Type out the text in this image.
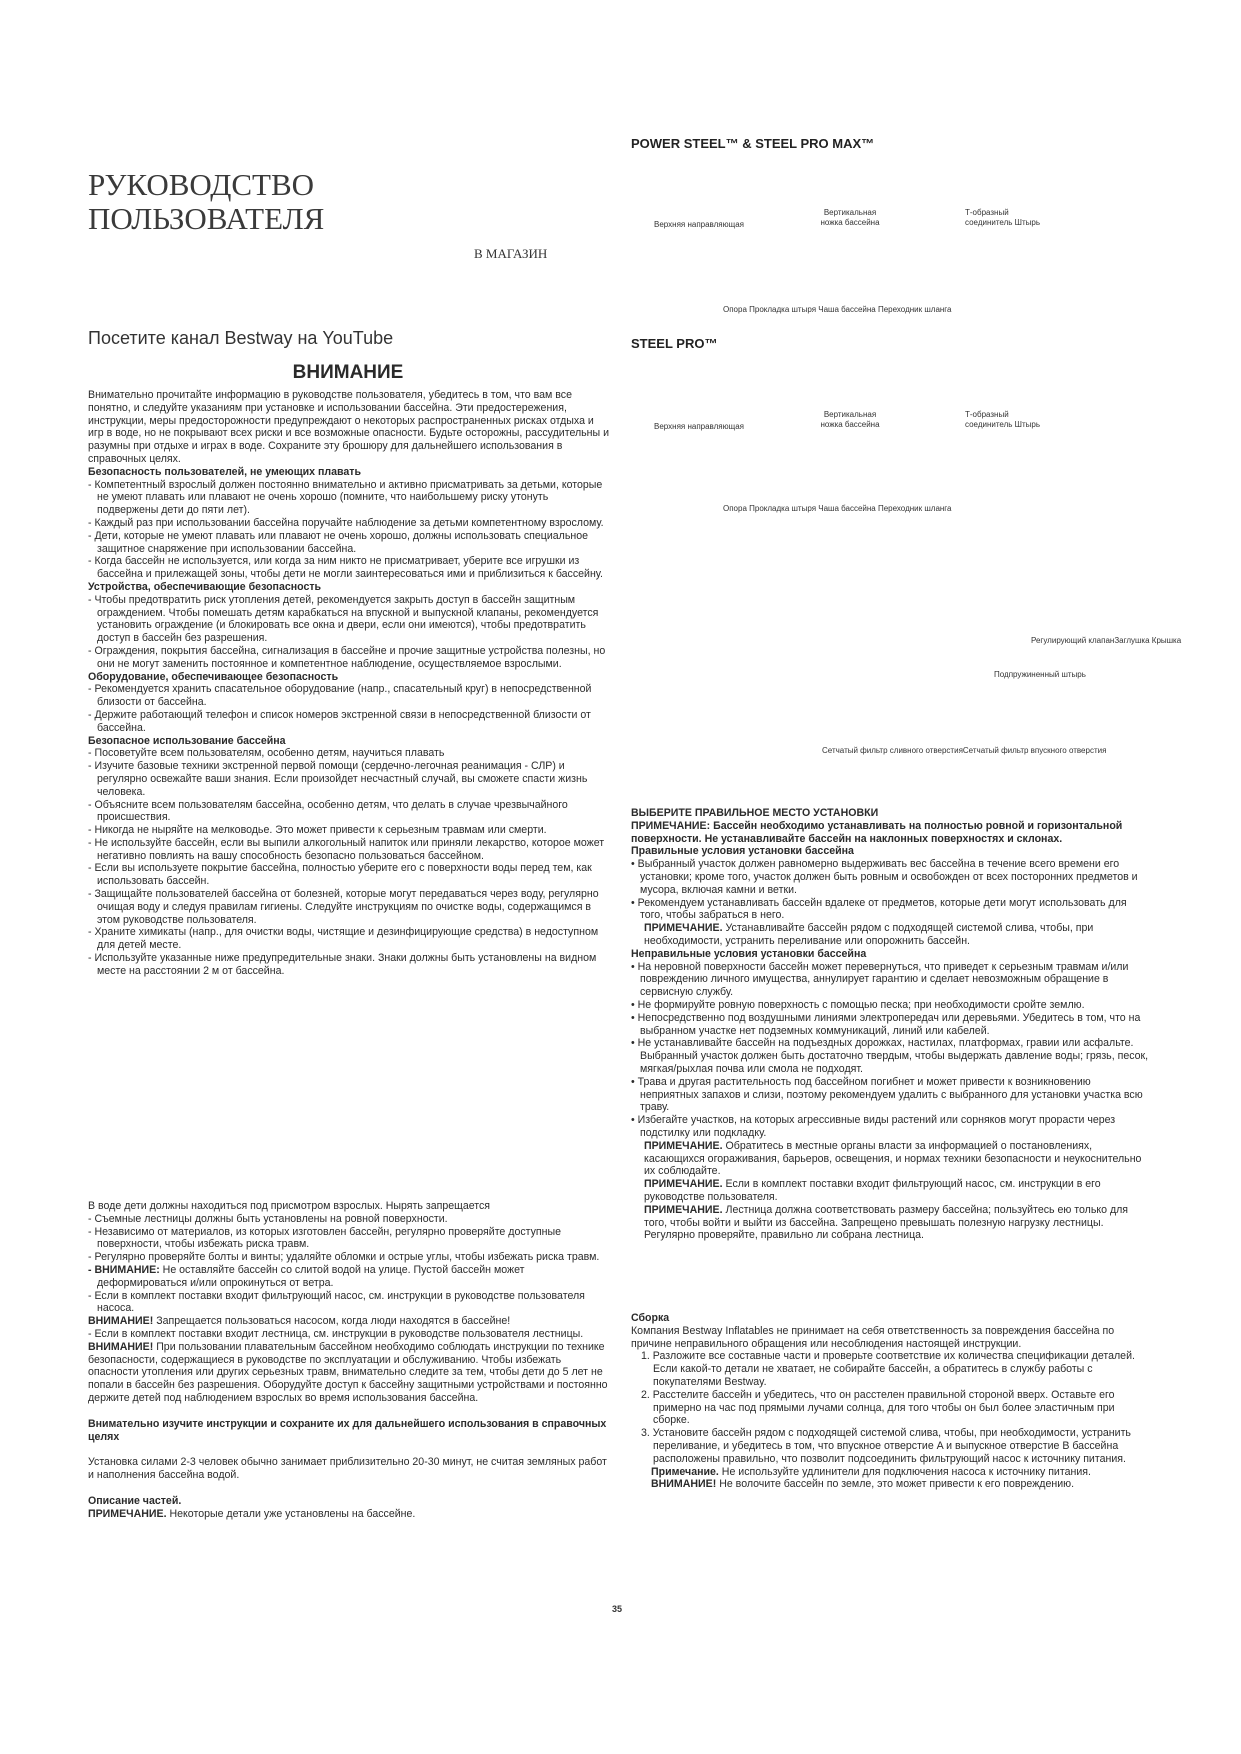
РУКОВОДСТВО
ПОЛЬЗОВАТЕЛЯ
В МАГАЗИН
Посетите канал Bestway на YouTube
ВНИМАНИЕ

Внимательно прочитайте информацию в руководстве пользователя, убедитесь в том, что вам все понятно, и следуйте указаниям при установке и использовании бассейна. Эти предостережения, инструкции, меры предосторожности предупреждают о некоторых распространенных рисках отдыха и игр в воде, но не покрывают всех риски и все возможные опасности. Будьте осторожны, рассудительны и разумны при отдыхе и играх в воде. Сохраните эту брошюру для дальнейшего использования в справочных целях.

Безопасность пользователей, не умеющих плавать

- Компетентный взрослый должен постоянно внимательно и активно присматривать за детьми, которые не умеют плавать или плавают не очень хорошо (помните, что наибольшему риску утонуть подвержены дети до пяти лет).

- Каждый раз при использовании бассейна поручайте наблюдение за детьми компетентному взрослому.

- Дети, которые не умеют плавать или плавают не очень хорошо, должны использовать специальное защитное снаряжение при использовании бассейна.

- Когда бассейн не используется, или когда за ним никто не присматривает, уберите все игрушки из бассейна и прилежащей зоны, чтобы дети не могли заинтересоваться ими и приблизиться к бассейну.

Устройства, обеспечивающие безопасность

- Чтобы предотвратить риск утопления детей, рекомендуется закрыть доступ в бассейн защитным ограждением. Чтобы помешать детям карабкаться на впускной и выпускной клапаны, рекомендуется установить ограждение (и блокировать все окна и двери, если они имеются), чтобы предотвратить доступ в бассейн без разрешения.

- Ограждения, покрытия бассейна, сигнализация в бассейне и прочие защитные устройства полезны, но они не могут заменить постоянное и компетентное наблюдение, осуществляемое взрослыми.

Оборудование, обеспечивающее безопасность

- Рекомендуется хранить спасательное оборудование (напр., спасательный круг) в непосредственной близости от бассейна.

- Держите работающий телефон и список номеров экстренной связи в непосредственной близости от бассейна.

Безопасное использование бассейна

- Посоветуйте всем пользователям, особенно детям, научиться плавать

- Изучите базовые техники экстренной первой помощи (сердечно-легочная реанимация - СЛР) и регулярно освежайте ваши знания. Если произойдет несчастный случай, вы сможете спасти жизнь человека.

- Объясните всем пользователям бассейна, особенно детям, что делать в случае чрезвычайного происшествия.

- Никогда не ныряйте на мелководье. Это может привести к серьезным травмам или смерти.

- Не используйте бассейн, если вы выпили алкогольный напиток или приняли лекарство, которое может негативно повлиять на вашу способность безопасно пользоваться бассейном.

- Если вы используете покрытие бассейна, полностью уберите его с поверхности воды перед тем, как использовать бассейн.

- Защищайте пользователей бассейна от болезней, которые могут передаваться через воду, регулярно очищая воду и следуя правилам гигиены. Следуйте инструкциям по очистке воды, содержащимся в этом руководстве пользователя.

- Храните химикаты (напр., для очистки воды, чистящие и дезинфицирующие средства) в недоступном для детей месте.

- Используйте указанные ниже предупредительные знаки. Знаки должны быть установлены на видном месте на расстоянии 2 м от бассейна.

В воде дети должны находиться под присмотром взрослых. Нырять запрещается

- Съемные лестницы должны быть установлены на ровной поверхности.

- Независимо от материалов, из которых изготовлен бассейн, регулярно проверяйте доступные поверхности, чтобы избежать риска травм.

- Регулярно проверяйте болты и винты; удаляйте обломки и острые углы, чтобы избежать риска травм.

- ВНИМАНИЕ: Не оставляйте бассейн со слитой водой на улице. Пустой бассейн может деформироваться и/или опрокинуться от ветра.

- Если в комплект поставки входит фильтрующий насос, см. инструкции в руководстве пользователя насоса.

ВНИМАНИЕ! Запрещается пользоваться насосом, когда люди находятся в бассейне!

- Если в комплект поставки входит лестница, см. инструкции в руководстве пользователя лестницы.

ВНИМАНИЕ! При пользовании плавательным бассейном необходимо соблюдать инструкции по технике безопасности, содержащиеся в руководстве по эксплуатации и обслуживанию. Чтобы избежать опасности утопления или других серьезных травм, внимательно следите за тем, чтобы дети до 5 лет не попали в бассейн без разрешения. Оборудуйте доступ к бассейну защитными устройствами и постоянно держите детей под наблюдением взрослых во время использования бассейна.

Внимательно изучите инструкции и сохраните их для дальнейшего использования в справочных целях

Установка силами 2-3 человек обычно занимает приблизительно 20-30 минут, не считая земляных работ и наполнения бассейна водой.

Описание частей.

ПРИМЕЧАНИЕ. Некоторые детали уже установлены на бассейне.

POWER STEEL™ & STEEL PRO MAX™
Верхняя направляющая
Вертикальная
ножка бассейна
Т-образный
соединитель Штырь
Опора Прокладка штыря Чаша бассейна Переходник шланга
STEEL PRO™
Верхняя направляющая
Вертикальная
ножка бассейна
Т-образный
соединитель Штырь
Опора Прокладка штыря Чаша бассейна Переходник шланга
Регулирующий клапанЗаглушка Крышка
Подпружиненный штырь
Сетчатый фильтр сливного отверстияСетчатый фильтр впускного отверстия

ВЫБЕРИТЕ ПРАВИЛЬНОЕ МЕСТО УСТАНОВКИ

ПРИМЕЧАНИЕ: Бассейн необходимо устанавливать на полностью ровной и горизонтальной поверхности. Не устанавливайте бассейн на наклонных поверхностях и склонах.

Правильные условия установки бассейна

• Выбранный участок должен равномерно выдерживать вес бассейна в течение всего времени его установки; кроме того, участок должен быть ровным и освобожден от всех посторонних предметов и мусора, включая камни и ветки.

• Рекомендуем устанавливать бассейн вдалеке от предметов, которые дети могут использовать для того, чтобы забраться в него.

ПРИМЕЧАНИЕ. Устанавливайте бассейн рядом с подходящей системой слива, чтобы, при необходимости, устранить переливание или опорожнить бассейн.

Неправильные условия установки бассейна

• На неровной поверхности бассейн может перевернуться, что приведет к серьезным травмам и/или повреждению личного имущества, аннулирует гарантию и сделает невозможным обращение в сервисную службу.

• Не формируйте ровную поверхность с помощью песка; при необходимости сройте землю.

• Непосредственно под воздушными линиями электропередач или деревьями. Убедитесь в том, что на выбранном участке нет подземных коммуникаций, линий или кабелей.

• Не устанавливайте бассейн на подъездных дорожках, настилах, платформах, гравии или асфальте. Выбранный участок должен быть достаточно твердым, чтобы выдержать давление воды; грязь, песок, мягкая/рыхлая почва или смола не подходят.

• Трава и другая растительность под бассейном погибнет и может привести к возникновению неприятных запахов и слизи, поэтому рекомендуем удалить с выбранного для установки участка всю траву.

• Избегайте участков, на которых агрессивные виды растений или сорняков могут прорасти через подстилку или подкладку.

ПРИМЕЧАНИЕ. Обратитесь в местные органы власти за информацией о постановлениях, касающихся огораживания, барьеров, освещения, и нормах техники безопасности и неукоснительно их соблюдайте.

ПРИМЕЧАНИЕ. Если в комплект поставки входит фильтрующий насос, см. инструкции в его руководстве пользователя.

ПРИМЕЧАНИЕ. Лестница должна соответствовать размеру бассейна; пользуйтесь ею только для того, чтобы войти и выйти из бассейна. Запрещено превышать полезную нагрузку лестницы. Регулярно проверяйте, правильно ли собрана лестница.

Сборка

Компания Bestway Inflatables не принимает на себя ответственность за повреждения бассейна по причине неправильного обращения или несоблюдения настоящей инструкции.

1. Разложите все составные части и проверьте соответствие их количества спецификации деталей. Если какой-то детали не хватает, не собирайте бассейн, а обратитесь в службу работы с покупателями Bestway.

2. Расстелите бассейн и убедитесь, что он расстелен правильной стороной вверх. Оставьте его примерно на час под прямыми лучами солнца, для того чтобы он был более эластичным при сборке.

3. Установите бассейн рядом с подходящей системой слива, чтобы, при необходимости, устранить переливание, и убедитесь в том, что впускное отверстие A и выпускное отверстие B бассейна расположены правильно, что позволит подсоединить фильтрующий насос к источнику питания.

Примечание. Не используйте удлинители для подключения насоса к источнику питания.

ВНИМАНИЕ! Не волочите бассейн по земле, это может привести к его повреждению.

35
